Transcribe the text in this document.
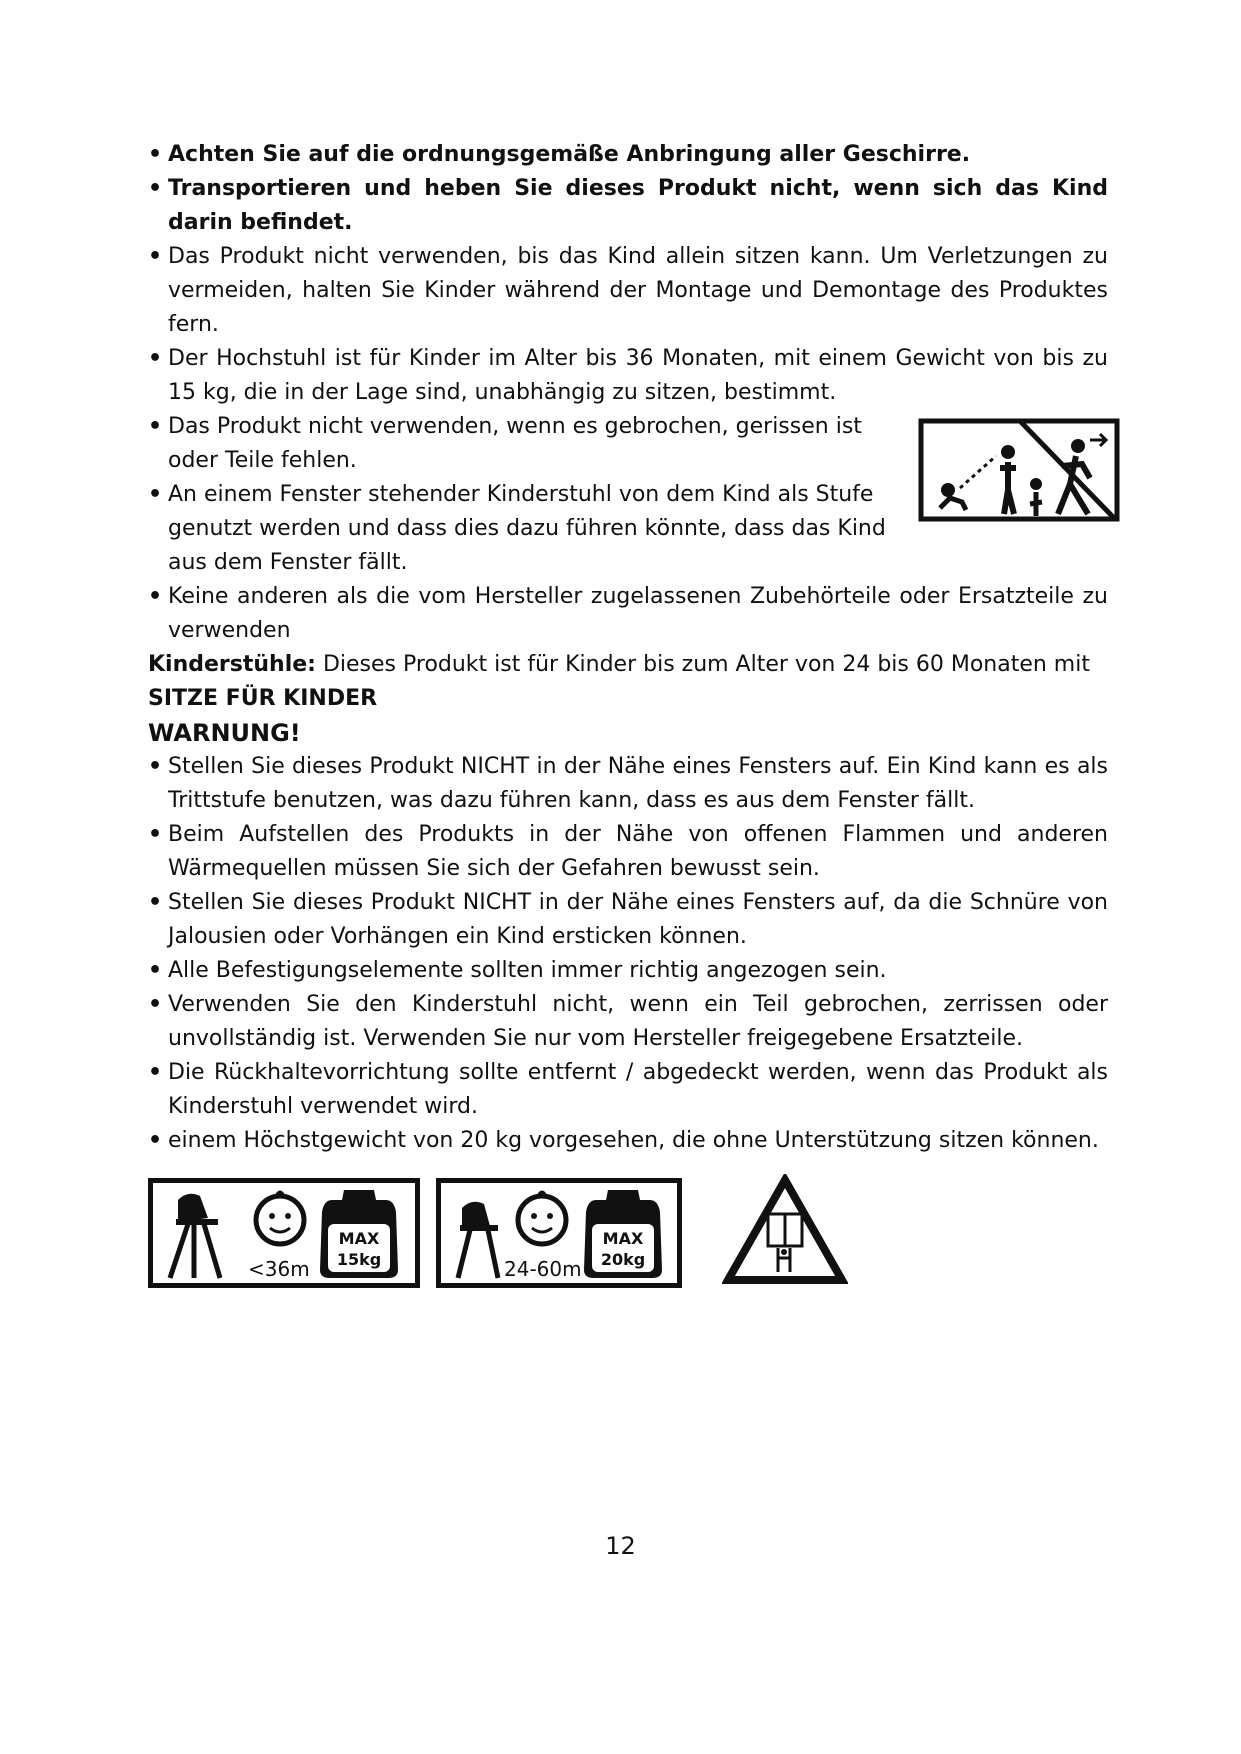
• Achten Sie auf die ordnungsgemäße Anbringung aller Geschirre.

• Transportieren und heben Sie dieses Produkt nicht, wenn sich das Kind darin befindet.

• Das Produkt nicht verwenden, bis das Kind allein sitzen kann. Um Verletzungen zu vermeiden, halten Sie Kinder während der Montage und Demontage des Produktes fern.

• Der Hochstuhl ist für Kinder im Alter bis 36 Monaten, mit einem Gewicht von bis zu 15 kg, die in der Lage sind, unabhängig zu sitzen, bestimmt.

• Das Produkt nicht verwenden, wenn es gebrochen, gerissen ist oder Teile fehlen.

• An einem Fenster stehender Kinderstuhl von dem Kind als Stufe genutzt werden und dass dies dazu führen könnte, dass das Kind aus dem Fenster fällt.

• Keine anderen als die vom Hersteller zugelassenen Zubehörteile oder Ersatzteile zu verwenden

Kinderstühle: Dieses Produkt ist für Kinder bis zum Alter von 24 bis 60 Monaten mit

SITZE FÜR KINDER

WARNUNG!

• Stellen Sie dieses Produkt NICHT in der Nähe eines Fensters auf. Ein Kind kann es als Trittstufe benutzen, was dazu führen kann, dass es aus dem Fenster fällt.

• Beim Aufstellen des Produkts in der Nähe von offenen Flammen und anderen Wärmequellen müssen Sie sich der Gefahren bewusst sein.

• Stellen Sie dieses Produkt NICHT in der Nähe eines Fensters auf, da die Schnüre von Jalousien oder Vorhängen ein Kind ersticken können.

• Alle Befestigungselemente sollten immer richtig angezogen sein.

• Verwenden Sie den Kinderstuhl nicht, wenn ein Teil gebrochen, zerrissen oder unvollständig ist. Verwenden Sie nur vom Hersteller freigegebene Ersatzteile.

• Die Rückhaltevorrichtung sollte entfernt / abgedeckt werden, wenn das Produkt als Kinderstuhl verwendet wird.

• einem Höchstgewicht von 20 kg vorgesehen, die ohne Unterstützung sitzen können.

<36m
MAX
15kg	24-60m
MAX
20kg
12
